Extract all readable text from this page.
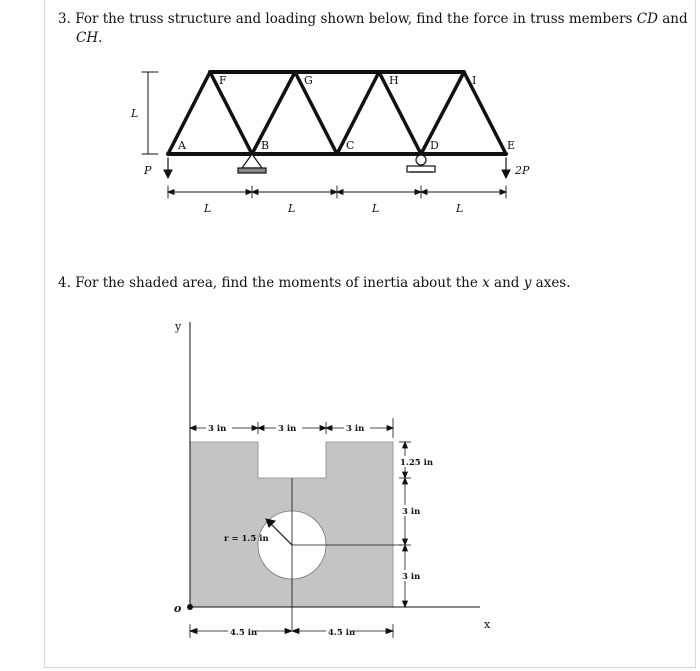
3. For the truss structure and loading shown below, find the force in truss members CD and
CH.
A	B	C	D	E
F	G	H	I
L
P	2P
L	L	L	L
4. For the shaded area, find the moments of inertia about the x and y axes.
3 in	3 in	3 in
1.25 in
3 in
3 in
4.5 in	4.5 in
r = 1.5 in
y
x
o
